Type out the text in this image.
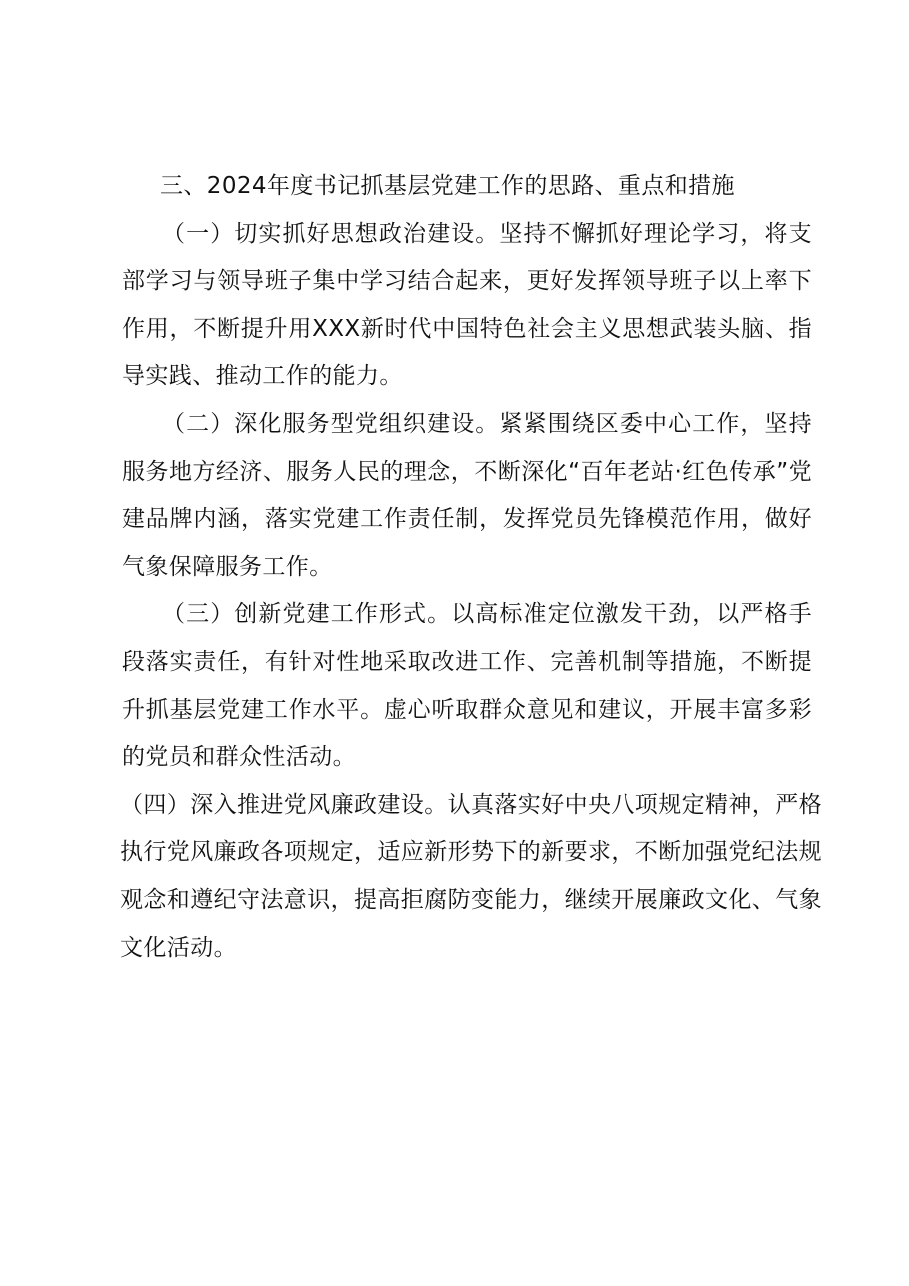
三、2024年度书记抓基层党建工作的思路、重点和措施

（一）切实抓好思想政治建设。坚持不懈抓好理论学习，将支部学习与领导班子集中学习结合起来，更好发挥领导班子以上率下作用，不断提升用XXX新时代中国特色社会主义思想武装头脑、指导实践、推动工作的能力。

（二）深化服务型党组织建设。紧紧围绕区委中心工作，坚持服务地方经济、服务人民的理念，不断深化“百年老站·红色传承”党建品牌内涵，落实党建工作责任制，发挥党员先锋模范作用，做好气象保障服务工作。

（三）创新党建工作形式。以高标准定位激发干劲，以严格手段落实责任，有针对性地采取改进工作、完善机制等措施，不断提升抓基层党建工作水平。虚心听取群众意见和建议，开展丰富多彩的党员和群众性活动。

（四）深入推进党风廉政建设。认真落实好中央八项规定精神，严格执行党风廉政各项规定，适应新形势下的新要求，不断加强党纪法规观念和遵纪守法意识，提高拒腐防变能力，继续开展廉政文化、气象文化活动。
